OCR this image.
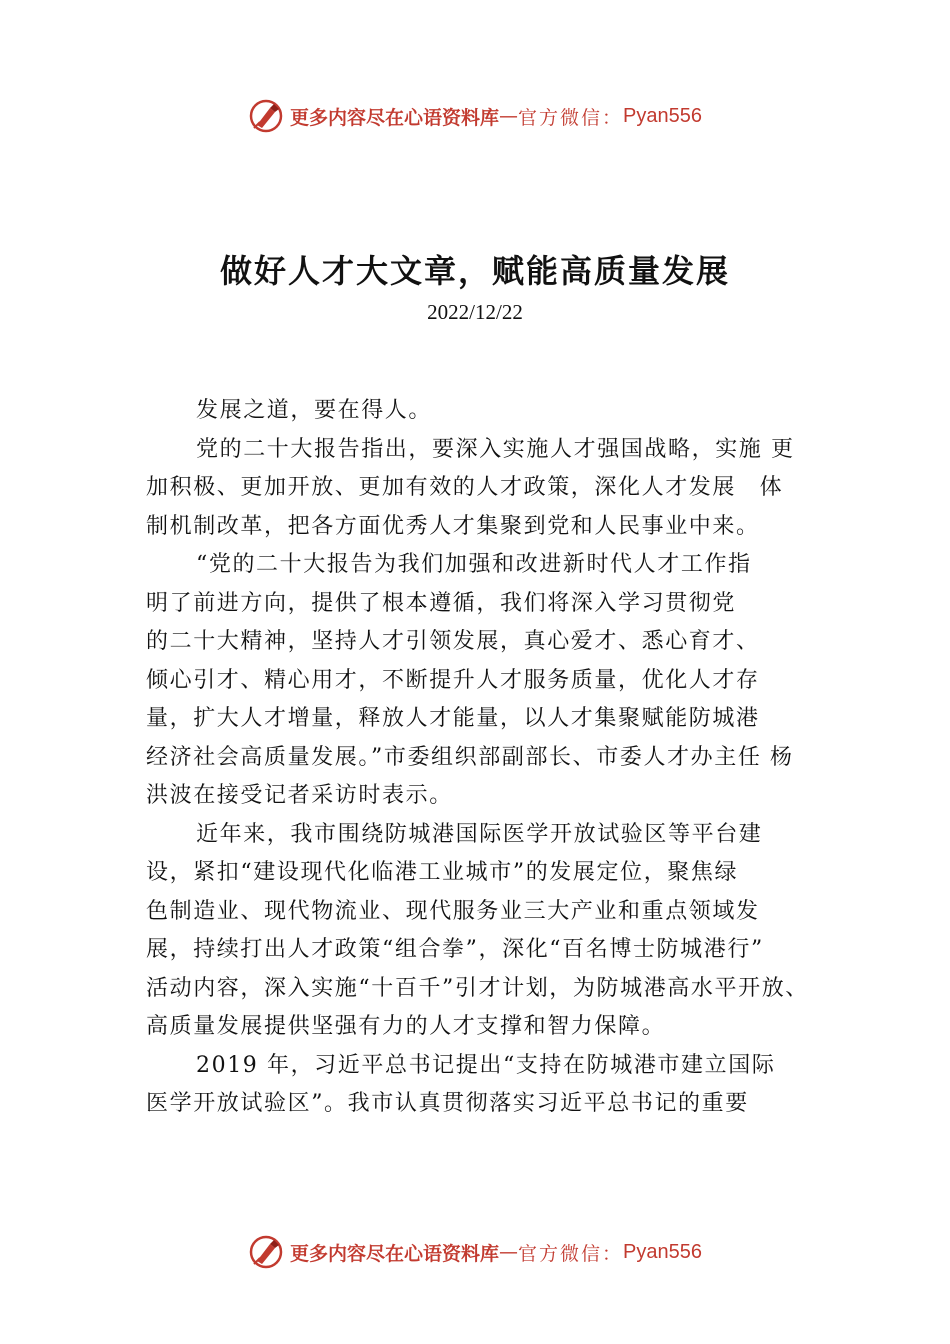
更多内容尽在心语资料库 — 官方微信： Pyan556
做好人才大文章，赋能高质量发展
2022/12/22
发展之道，要在得人。
党的二十大报告指出，要深入实施人才强国战略，实施 更
加积极、更加开放、更加有效的人才政策，深化人才发展　体
制机制改革，把各方面优秀人才集聚到党和人民事业中来。
“党的二十大报告为我们加强和改进新时代人才工作指
明了前进方向，提供了根本遵循，我们将深入学习贯彻党
的二十大精神，坚持人才引领发展，真心爱才、悉心育才、
倾心引才、精心用才，不断提升人才服务质量，优化人才存
量，扩大人才增量，释放人才能量，以人才集聚赋能防城港
经济社会高质量发展。”市委组织部副部长、市委人才办主任 杨
洪波在接受记者采访时表示。
近年来，我市围绕防城港国际医学开放试验区等平台建
设，紧扣“建设现代化临港工业城市”的发展定位，聚焦绿
色制造业、现代物流业、现代服务业三大产业和重点领域发
展，持续打出人才政策“组合拳”，深化“百名博士防城港行”
活动内容，深入实施“十百千”引才计划，为防城港高水平开放、
高质量发展提供坚强有力的人才支撑和智力保障。
2019 年，习近平总书记提出“支持在防城港市建立国际
医学开放试验区”。我市认真贯彻落实习近平总书记的重要
更多内容尽在心语资料库 — 官方微信： Pyan556
